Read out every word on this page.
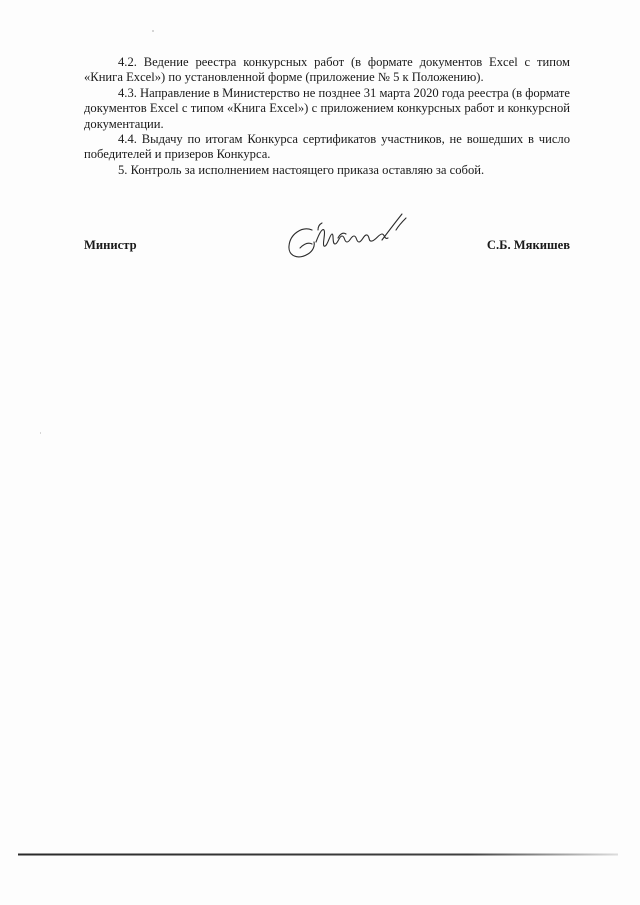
4.2. Ведение реестра конкурсных работ (в формате документов Excel с типом «Книга Excel») по установленной форме (приложение № 5 к Положению).

4.3. Направление в Министерство не позднее 31 марта 2020 года реестра (в формате документов Excel с типом «Книга Excel») с приложением конкурсных работ и конкурсной документации.

4.4. Выдачу по итогам Конкурса сертификатов участников, не вошедших в число победителей и призеров Конкурса.

5. Контроль за исполнением настоящего приказа оставляю за собой.

Министр	С.Б. Мякишев
